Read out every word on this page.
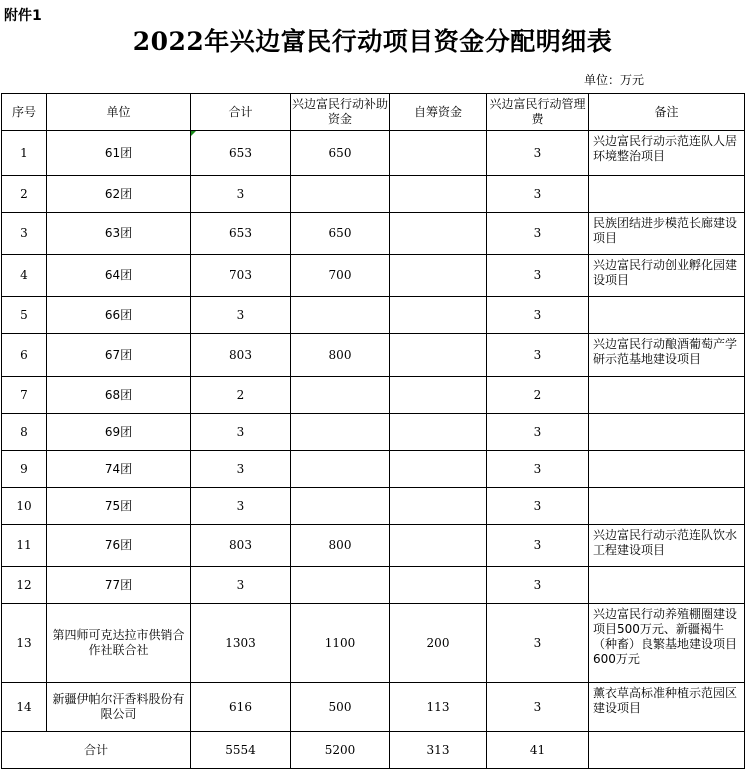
附件1
2022年兴边富民行动项目资金分配明细表
单位：万元
序号	单位	合计	兴边富民行动补助资金	自筹资金	兴边富民行动管理费	备注
1	61团	653	650		3	兴边富民行动示范连队人居环境整治项目
2	62团	3			3	
3	63团	653	650		3	民族团结进步模范长廊建设项目
4	64团	703	700		3	兴边富民行动创业孵化园建设项目
5	66团	3			3	
6	67团	803	800		3	兴边富民行动酿酒葡萄产学研示范基地建设项目
7	68团	2			2	
8	69团	3			3	
9	74团	3			3	
10	75团	3			3	
11	76团	803	800		3	兴边富民行动示范连队饮水工程建设项目
12	77团	3			3	
13	第四师可克达拉市供销合作社联合社	1303	1100	200	3	兴边富民行动养殖棚圈建设项目500万元、新疆褐牛（种畜）良繁基地建设项目600万元
14	新疆伊帕尔汗香料股份有限公司	616	500	113	3	薰衣草高标准种植示范园区建设项目
合计		5554	5200	313	41	
